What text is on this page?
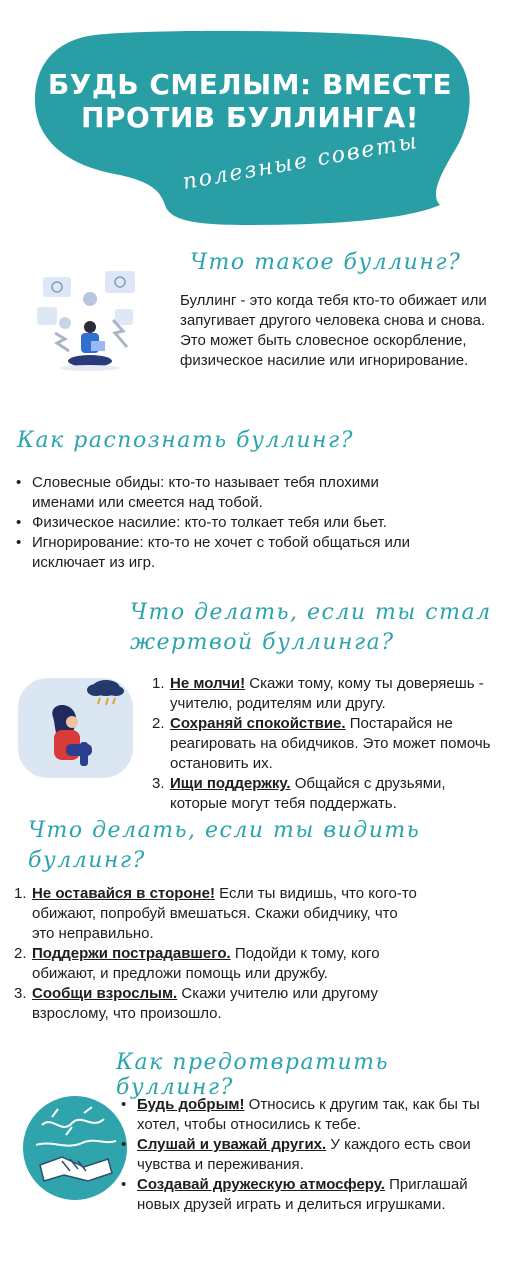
БУДЬ СМЕЛЫМ: ВМЕСТЕ
ПРОТИВ БУЛЛИНГА!
полезные советы
Что такое буллинг?
Буллинг - это когда тебя кто-то обижает или запугивает другого человека снова и снова. Это может быть словесное оскорбление, физическое насилие или игнорирование.
Как распознать буллинг?
• Словесные обиды: кто-то называет тебя плохими именами или смеется над тобой.
• Физическое насилие: кто-то толкает тебя или бьет.
• Игнорирование: кто-то не хочет с тобой общаться или исключает из игр.
Что делать, если ты стал
жертвой буллинга?
1. Не молчи! Скажи тому, кому ты доверяешь - учителю, родителям или другу.
2. Сохраняй спокойствие. Постарайся не реагировать на обидчиков. Это может помочь остановить их.
3. Ищи поддержку. Общайся с друзьями, которые могут тебя поддержать.
Что делать, если ты видить
буллинг?
1. Не оставайся в стороне! Если ты видишь, что кого-то обижают, попробуй вмешаться. Скажи обидчику, что это неправильно.
2. Поддержи пострадавшего. Подойди к тому, кого обижают, и предложи помощь или дружбу.
3. Сообщи взрослым. Скажи учителю или другому взрослому, что произошло.
Как предотвратить буллинг?
• Будь добрым! Относись к другим так, как бы ты хотел, чтобы относились к тебе.
• Слушай и уважай других. У каждого есть свои чувства и переживания.
• Создавай дружескую атмосферу. Приглашай новых друзей играть и делиться игрушками.
